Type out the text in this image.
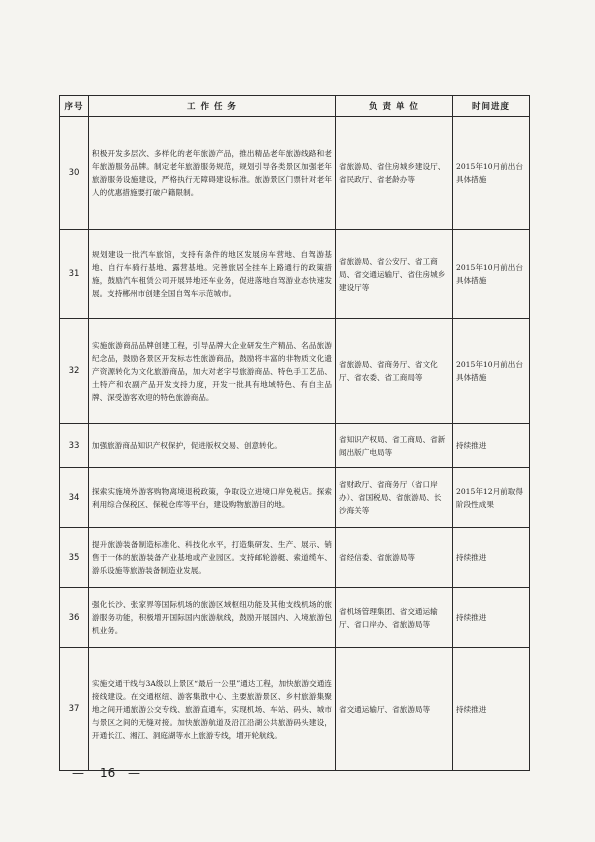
序号	工 作 任 务	负 责 单 位	时间进度
30	积极开发多层次、多样化的老年旅游产品，推出精品老年旅游线路和老年旅游服务品牌。制定老年旅游服务规范，规划引导各类景区加强老年旅游服务设施建设，严格执行无障碍建设标准。旅游景区门票针对老年人的优惠措施要打破户籍限制。	省旅游局、省住房城乡建设厅、省民政厅、省老龄办等	2015年10月前出台具体措施
31	规划建设一批汽车旅馆，支持有条件的地区发展房车营地、自驾游基地、自行车骑行基地、露营基地。完善旅居全挂车上路通行的政策措施，鼓励汽车租赁公司开展异地还车业务，促进落地自驾游业态快速发展。支持郴州市创建全国自驾车示范城市。	省旅游局、省公安厅、省工商局、省交通运输厅、省住房城乡建设厅等	2015年10月前出台具体措施
32	实施旅游商品品牌创建工程，引导品牌大企业研发生产精品、名品旅游纪念品，鼓励各景区开发标志性旅游商品，鼓励将丰富的非物质文化遗产资源转化为文化旅游商品，加大对老字号旅游商品、特色手工艺品、土特产和农副产品开发支持力度，开发一批具有地域特色、有自主品牌、深受游客欢迎的特色旅游商品。	省旅游局、省商务厅、省文化厅、省农委、省工商局等	2015年10月前出台具体措施
33	加强旅游商品知识产权保护，促进版权交易、创意转化。	省知识产权局、省工商局、省新闻出版广电局等	持续推进
34	探索实施境外游客购物离境退税政策，争取设立进境口岸免税店。探索利用综合保税区、保税仓库等平台，建设购物旅游目的地。	省财政厅、省商务厅（省口岸办）、省国税局、省旅游局、长沙海关等	2015年12月前取得阶段性成果
35	提升旅游装备制造标准化、科技化水平，打造集研发、生产、展示、销售于一体的旅游装备产业基地或产业园区。支持邮轮游艇、索道缆车、游乐设施等旅游装备制造业发展。	省经信委、省旅游局等	持续推进
36	强化长沙、张家界等国际机场的旅游区域枢纽功能及其他支线机场的旅游服务功能，积极增开国际国内旅游航线，鼓励开展国内、入境旅游包机业务。	省机场管理集团、省交通运输厅、省口岸办、省旅游局等	持续推进
37	实施交通干线与3A级以上景区“最后一公里”通达工程，加快旅游交通连接线建设。在交通枢纽、游客集散中心、主要旅游景区、乡村旅游集聚地之间开通旅游公交专线、旅游直通车，实现机场、车站、码头、城市与景区之间的无缝对接。加快旅游航道及沿江沿湖公共旅游码头建设，开通长江、湘江、洞庭湖等水上旅游专线，增开轮航线。	省交通运输厅、省旅游局等	持续推进
— 16 —
